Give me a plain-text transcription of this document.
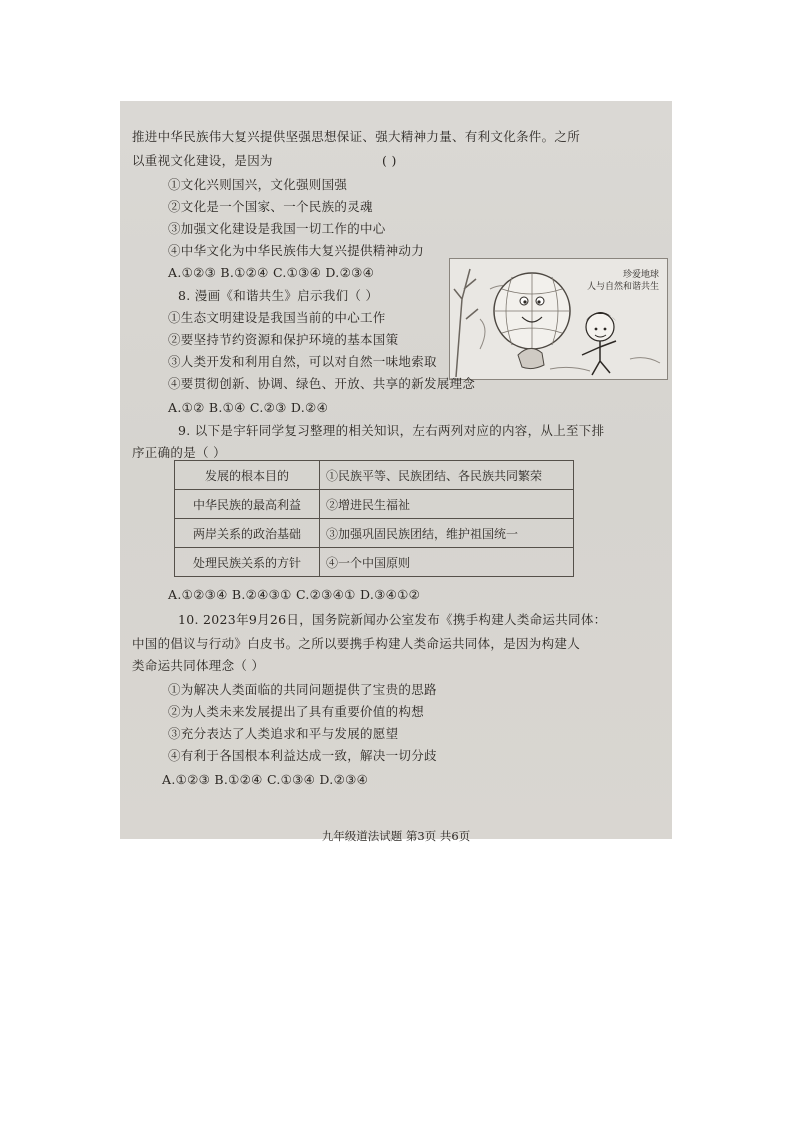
推进中华民族伟大复兴提供坚强思想保证、强大精神力量、有利文化条件。之所
以重视文化建设，是因为	( )
①文化兴则国兴，文化强则国强
②文化是一个国家、一个民族的灵魂
③加强文化建设是我国一切工作的中心
④中华文化为中华民族伟大复兴提供精神动力
A.①②③ B.①②④ C.①③④ D.②③④	珍爱地球
人与自然和谐共生
8. 漫画《和谐共生》启示我们（ ）
①生态文明建设是我国当前的中心工作
②要坚持节约资源和保护环境的基本国策
③人类开发和利用自然，可以对自然一味地索取
④要贯彻创新、协调、绿色、开放、共享的新发展理念
A.①② B.①④ C.②③ D.②④
9. 以下是宇轩同学复习整理的相关知识，左右两列对应的内容，从上至下排
序正确的是（ ）
发展的根本目的	①民族平等、民族团结、各民族共同繁荣
中华民族的最高利益	②增进民生福祉
两岸关系的政治基础	③加强巩固民族团结，维护祖国统一
处理民族关系的方针	④一个中国原则
A.①②③④ B.②④③① C.②③④① D.③④①②
10. 2023年9月26日，国务院新闻办公室发布《携手构建人类命运共同体：
中国的倡议与行动》白皮书。之所以要携手构建人类命运共同体，是因为构建人
类命运共同体理念（ ）
①为解决人类面临的共同问题提供了宝贵的思路
②为人类未来发展提出了具有重要价值的构想
③充分表达了人类追求和平与发展的愿望
④有利于各国根本利益达成一致，解决一切分歧
A.①②③ B.①②④ C.①③④ D.②③④
九年级道法试题 第3页 共6页
